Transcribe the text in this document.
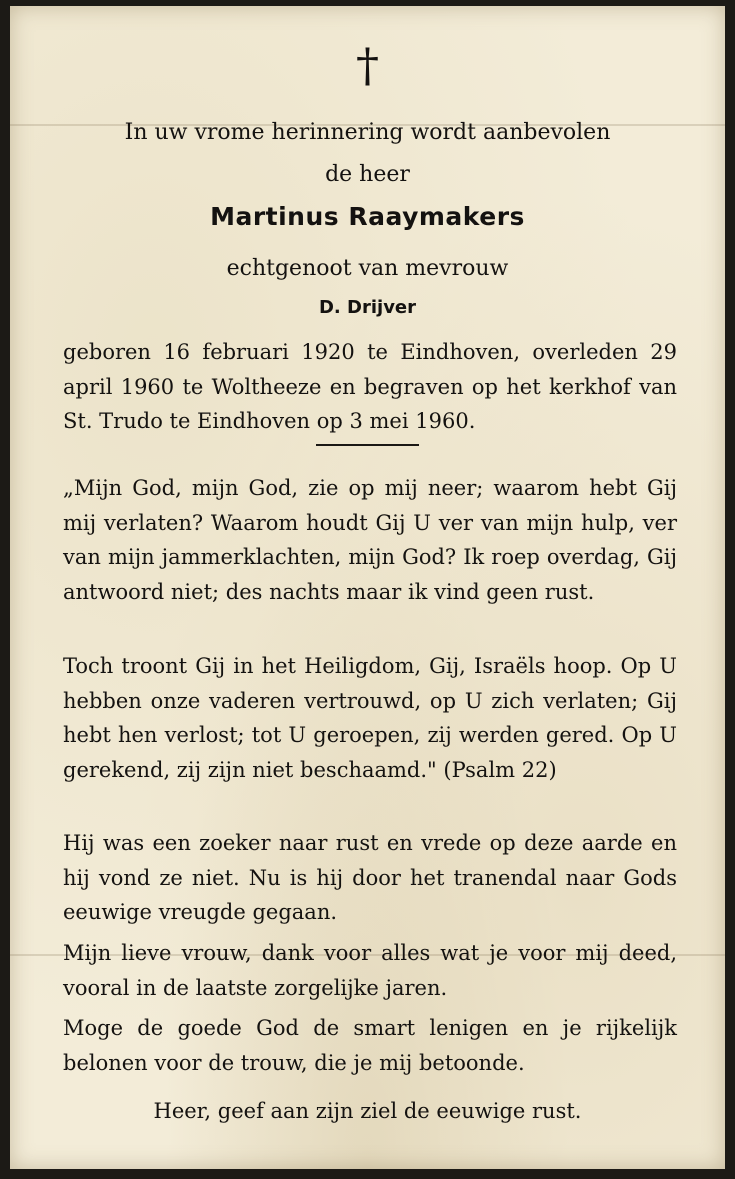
†
In uw vrome herinnering wordt aanbevolen
de heer
Martinus Raaymakers
echtgenoot van mevrouw
D. Drijver
geboren 16 februari 1920 te Eindhoven, overleden 29 april 1960 te Woltheeze en begraven op het kerkhof van St. Trudo te Eindhoven op 3 mei 1960.
„Mijn God, mijn God, zie op mij neer; waarom hebt Gij mij verlaten? Waarom houdt Gij U ver van mijn hulp, ver van mijn jammerklachten, mijn God? Ik roep overdag, Gij antwoord niet; des nachts maar ik vind geen rust.
Toch troont Gij in het Heiligdom, Gij, Israëls hoop. Op U hebben onze vaderen vertrouwd, op U zich verlaten; Gij hebt hen verlost; tot U geroepen, zij werden gered. Op U gerekend, zij zijn niet beschaamd." (Psalm 22)
Hij was een zoeker naar rust en vrede op deze aarde en hij vond ze niet. Nu is hij door het tranendal naar Gods eeuwige vreugde gegaan.
Mijn lieve vrouw, dank voor alles wat je voor mij deed, vooral in de laatste zorgelijke jaren.
Moge de goede God de smart lenigen en je rijkelijk belonen voor de trouw, die je mij betoonde.
Heer, geef aan zijn ziel de eeuwige rust.
